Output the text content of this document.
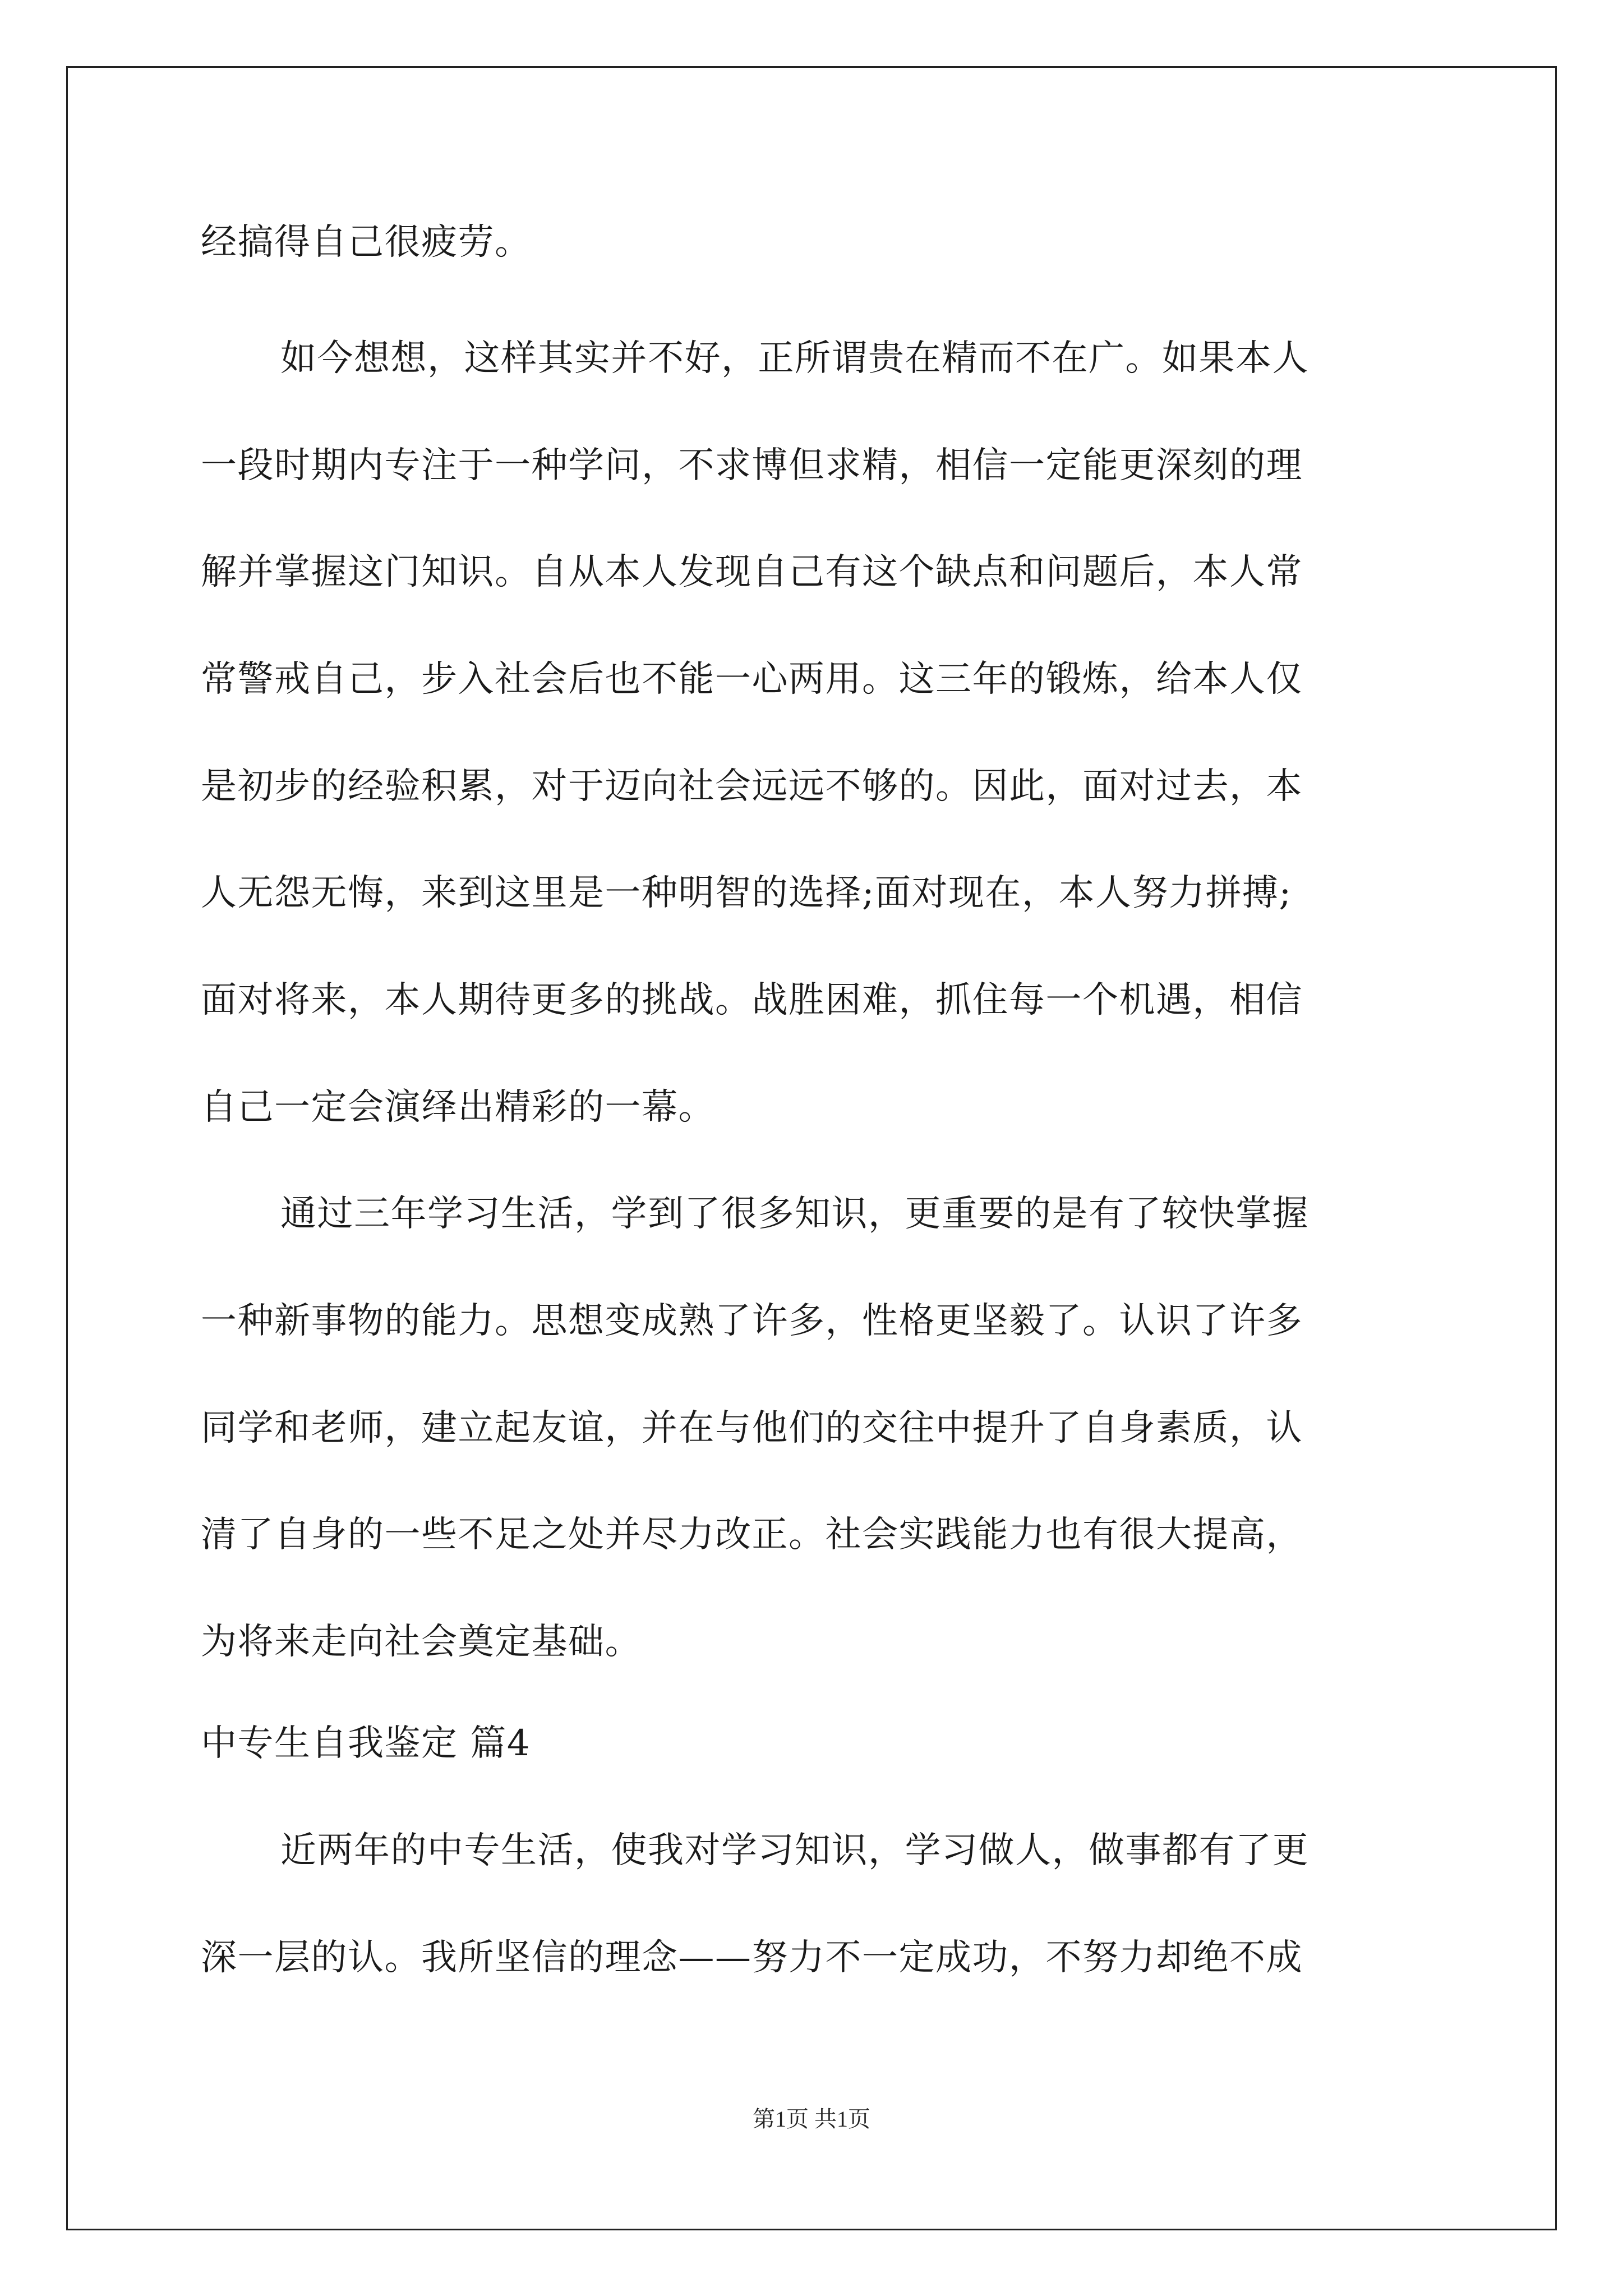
经搞得自己很疲劳。
如今想想，这样其实并不好，正所谓贵在精而不在广。如果本人
一段时期内专注于一种学问，不求博但求精，相信一定能更深刻的理
解并掌握这门知识。自从本人发现自己有这个缺点和问题后，本人常
常警戒自己，步入社会后也不能一心两用。这三年的锻炼，给本人仅
是初步的经验积累，对于迈向社会远远不够的。因此，面对过去，本
人无怨无悔，来到这里是一种明智的选择;面对现在，本人努力拼搏;
面对将来，本人期待更多的挑战。战胜困难，抓住每一个机遇，相信
自己一定会演绎出精彩的一幕。
通过三年学习生活，学到了很多知识，更重要的是有了较快掌握
一种新事物的能力。思想变成熟了许多，性格更坚毅了。认识了许多
同学和老师，建立起友谊，并在与他们的交往中提升了自身素质，认
清了自身的一些不足之处并尽力改正。社会实践能力也有很大提高，
为将来走向社会奠定基础。
中专生自我鉴定 篇4
近两年的中专生活，使我对学习知识，学习做人，做事都有了更
深一层的认。我所坚信的理念——努力不一定成功，不努力却绝不成
第1页 共1页
